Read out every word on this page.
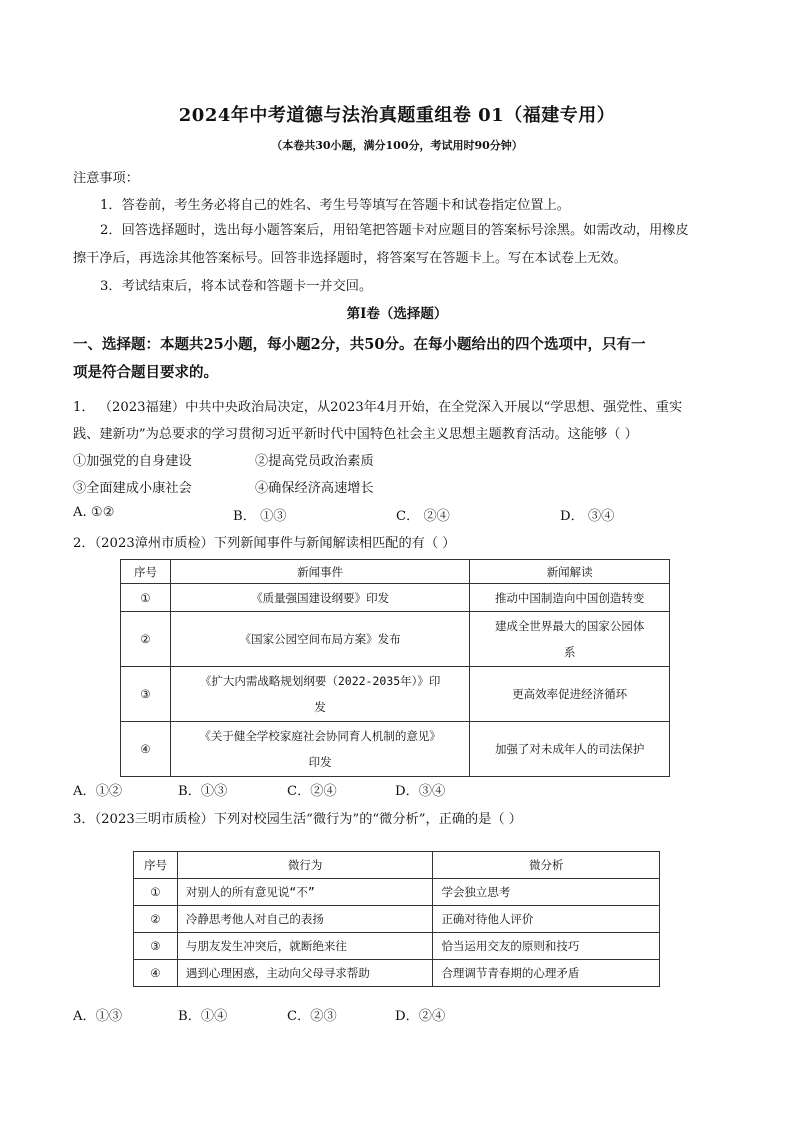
2024年中考道德与法治真题重组卷 01（福建专用）
（本卷共30小题，满分100分，考试用时90分钟）
注意事项：
1．答卷前，考生务必将自己的姓名、考生号等填写在答题卡和试卷指定位置上。
2．回答选择题时，选出每小题答案后，用铅笔把答题卡对应题目的答案标号涂黑。如需改动，用橡皮
擦干净后，再选涂其他答案标号。回答非选择题时，将答案写在答题卡上。写在本试卷上无效。
3．考试结束后，将本试卷和答题卡一并交回。
第Ⅰ卷（选择题）
一、选择题：本题共25小题，每小题2分，共50分。在每小题给出的四个选项中，只有一
项是符合题目要求的。
1． （2023福建）中共中央政治局决定，从2023年4月开始，在全党深入开展以“学思想、强党性、重实
践、建新功”为总要求的学习贯彻习近平新时代中国特色社会主义思想主题教育活动。这能够（ ）
①加强党的自身建设	②提高党员政治素质
③全面建成小康社会	④确保经济高速增长
A. ①②	B． ①③	C． ②④	D． ③④
2．（2023漳州市质检）下列新闻事件与新闻解读相匹配的有（ ）
序号	新闻事件	新闻解读
①	《质量强国建设纲要》印发	推动中国制造向中国创造转变
②	《国家公园空间布局方案》发布	建成全世界最大的国家公园体
系

③	《扩大内需战略规划纲要（2022-2035年）》印
发	更高效率促进经济循环
④	《关于健全学校家庭社会协同育人机制的意见》
印发	加强了对未成年人的司法保护
A．①②	B．①③	C．②④	D．③④
3．（2023三明市质检）下列对校园生活“微行为”的“微分析”，正确的是（ ）
序号	微行为	微分析
①	对别人的所有意见说“不”	学会独立思考
②	冷静思考他人对自己的表扬	正确对待他人评价
③	与朋友发生冲突后，就断绝来往	恰当运用交友的原则和技巧
④	遇到心理困惑，主动向父母寻求帮助	合理调节青春期的心理矛盾
A．①③	B．①④	C．②③	D．②④
